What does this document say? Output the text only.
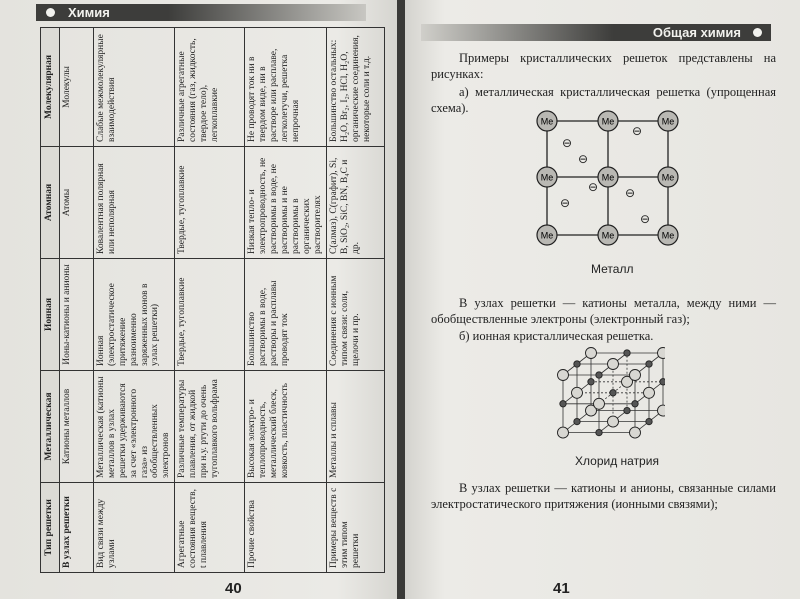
Химия
Тип решетки	Металлическая	Ионная	Атомная	Молекулярная
В узлах решетки	Катионы металлов	Ионы-катионы и анионы	Атомы	Молекулы
Вид связи между узлами	Металлическая (катионы металлов в узлах решетки удерживаются за счет «электронного газа» из обобществленных электронов	Ионная (электростатическое притяжение разноименно заряженных ионов в узлах решетки)	Ковалентная полярная или неполярная	Слабые межмолекулярные взаимодействия
Агрегатные состояния веществ, t плавления	Различные температуры плавления, от жидкой при н.у. ртути до очень тугоплавкого вольфрама	Твердые, тугоплавкие	Твердые, тугоплавкие	Различные агрегатные состояния (газ, жидкость, твердое тело), легкоплавкие
Прочие свойства	Высокая электро- и теплопроводность, металлический блеск, ковкость, пластичность	Большинство растворимы в воде, растворы и расплавы проводят ток	Низкая тепло- и электропроводность, не растворимы в воде, не растворимы и не растворимы в органических растворителях	Не проводят ток ни в твердом виде, ни в растворе или расплаве, легколетучи, решетка непрочная
Примеры веществ с этим типом решетки	Металлы и сплавы	Соединения с ионным типом связи: соли, щелочи и пр.	C(алмаз), C(графит), Si, B, SiO₂, SiC, BN, B₄C и др.	Большинство остальных: H₂O, Br₂, I₂, HCl, H₂O, органические соединения, некоторые соли и т.д.
40
Общая химия
Примеры кристаллических решеток представлены на рисунках:
а) металлическая кристаллическая решетка (упрощенная схема).
Me	Me	Me
Me	Me	Me
Me	Me	Me
⊖
⊖
⊖
⊖ ⊖
⊖
⊖
Металл
В узлах решетки — катионы металла, между ними — обобществленные электроны (электронный газ);
б) ионная кристаллическая решетка.
Хлорид натрия
В узлах решетки — катионы и анионы, связанные силами электростатического притяжения (ионными связями);
41
